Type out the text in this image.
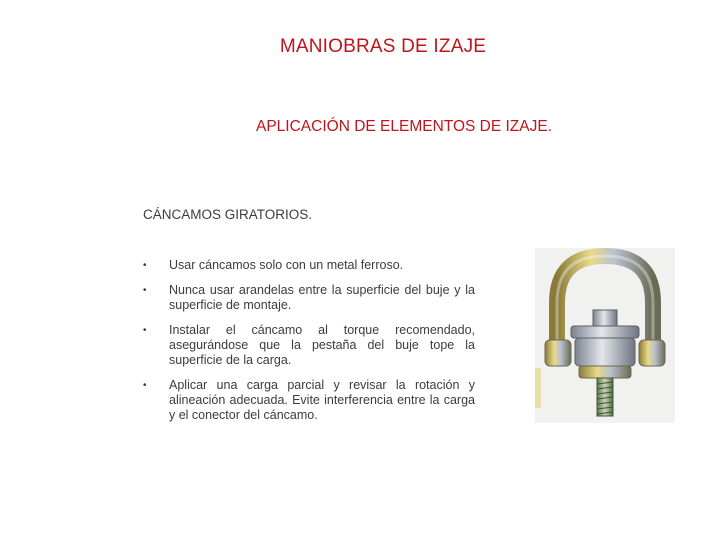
MANIOBRAS DE IZAJE
APLICACIÓN DE ELEMENTOS DE IZAJE.
CÁNCAMOS GIRATORIOS.
• Usar cáncamos solo con un metal ferroso.
• Nunca usar arandelas entre la superficie del buje y la superficie de montaje.
• Instalar el cáncamo al torque recomendado, asegurándose que la pestaña del buje tope la superficie de la carga.
• Aplicar una carga parcial y revisar la rotación y alineación adecuada. Evite interferencia entre la carga y el conector del cáncamo.
